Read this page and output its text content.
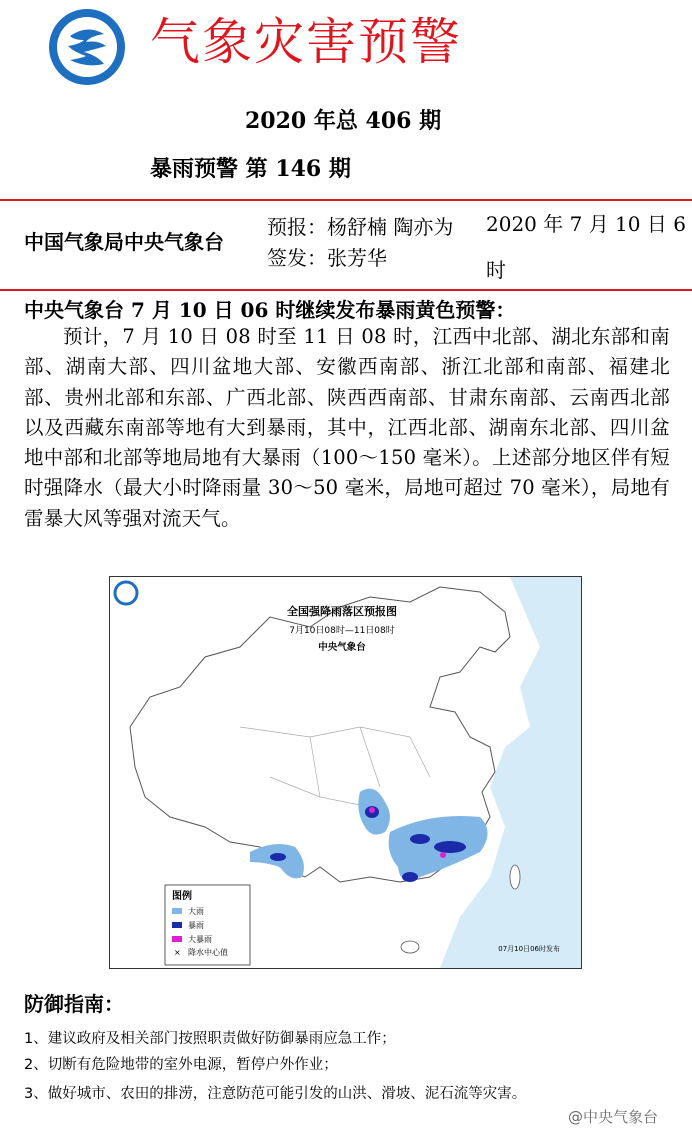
气象灾害预警
2020 年总 406 期
暴雨预警 第 146 期
中国气象局中央气象台
预报：杨舒楠 陶亦为
签发：张芳华
2020 年 7 月 10 日 6 时
中央气象台 7 月 10 日 06 时继续发布暴雨黄色预警：
预计，7 月 10 日 08 时至 11 日 08 时，江西中北部、湖北东部和南部、湖南大部、四川盆地大部、安徽西南部、浙江北部和南部、福建北部、贵州北部和东部、广西北部、陕西西南部、甘肃东南部、云南西北部以及西藏东南部等地有大到暴雨，其中，江西北部、湖南东北部、四川盆地中部和北部等地局地有大暴雨（100～150 毫米）。上述部分地区伴有短时强降水（最大小时降雨量 30～50 毫米，局地可超过 70 毫米），局地有雷暴大风等强对流天气。
全国强降雨落区预报图
7月10日08时—11日08时
中央气象台
图例
大雨
暴雨
大暴雨
× 降水中心值	07月10日06时发布
防御指南：
1、建议政府及相关部门按照职责做好防御暴雨应急工作；
2、切断有危险地带的室外电源，暂停户外作业；
3、做好城市、农田的排涝，注意防范可能引发的山洪、滑坡、泥石流等灾害。
@中央气象台
